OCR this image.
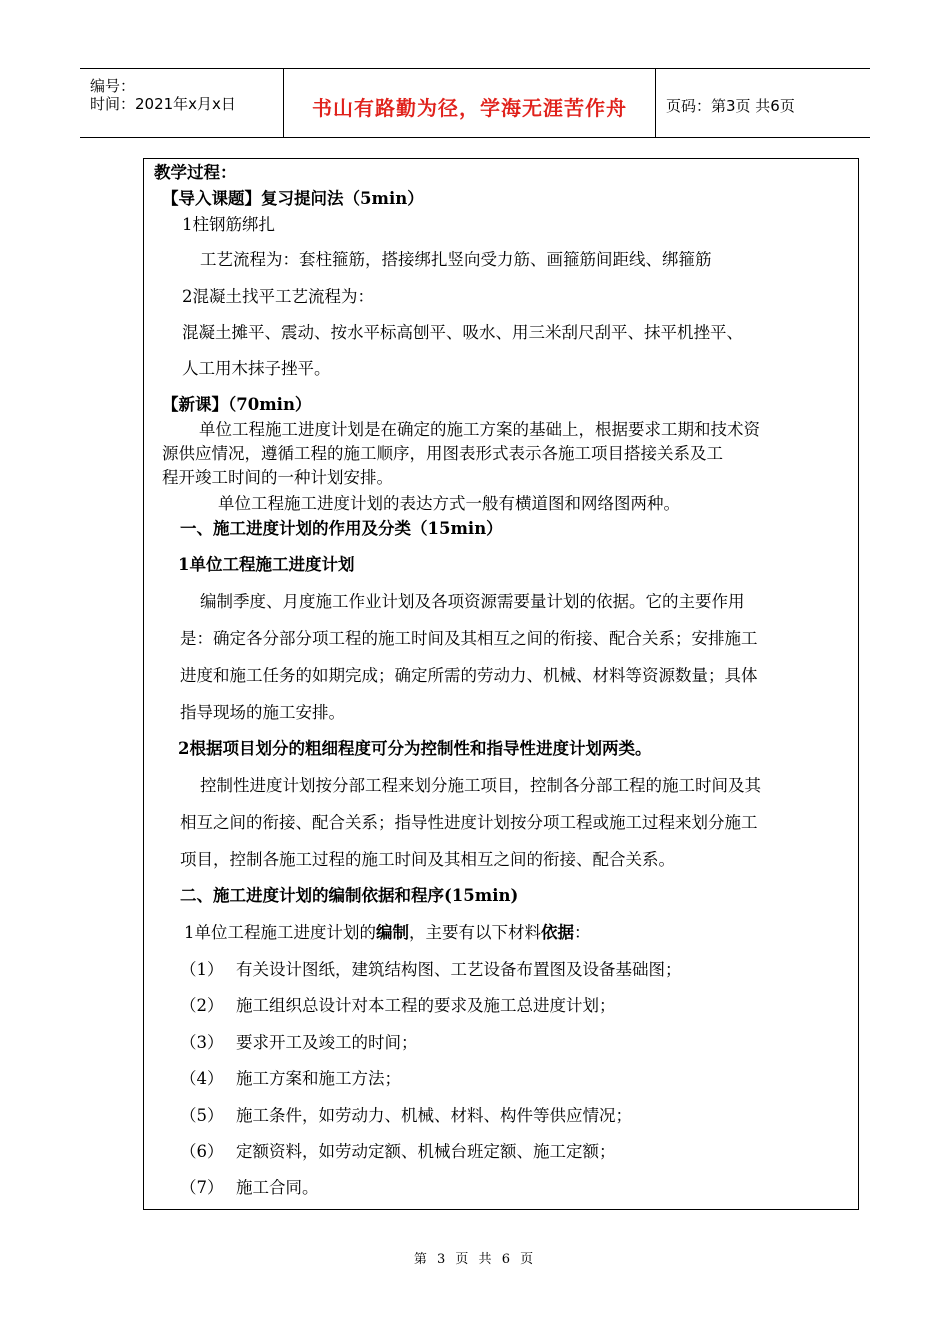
编号：
时间：2021年x月x日	书山有路勤为径，学海无涯苦作舟	页码：第3页 共6页
教学过程：
【导入课题】复习提问法（5min）
1柱钢筋绑扎
工艺流程为：套柱箍筋，搭接绑扎竖向受力筋、画箍筋间距线、绑箍筋
2混凝土找平工艺流程为：
混凝土摊平、震动、按水平标高刨平、吸水、用三米刮尺刮平、抹平机挫平、
人工用木抹子挫平。
【新课】（70min）
单位工程施工进度计划是在确定的施工方案的基础上，根据要求工期和技术资
源供应情况，遵循工程的施工顺序，用图表形式表示各施工项目搭接关系及工
程开竣工时间的一种计划安排。
单位工程施工进度计划的表达方式一般有横道图和网络图两种。
一、施工进度计划的作用及分类（15min）
1单位工程施工进度计划
编制季度、月度施工作业计划及各项资源需要量计划的依据。它的主要作用
是：确定各分部分项工程的施工时间及其相互之间的衔接、配合关系；安排施工
进度和施工任务的如期完成；确定所需的劳动力、机械、材料等资源数量；具体
指导现场的施工安排。
2根据项目划分的粗细程度可分为控制性和指导性进度计划两类。
控制性进度计划按分部工程来划分施工项目，控制各分部工程的施工时间及其
相互之间的衔接、配合关系；指导性进度计划按分项工程或施工过程来划分施工
项目，控制各施工过程的施工时间及其相互之间的衔接、配合关系。
二、施工进度计划的编制依据和程序(15min)
1单位工程施工进度计划的编制，主要有以下材料依据：
（1） 有关设计图纸，建筑结构图、工艺设备布置图及设备基础图；
（2） 施工组织总设计对本工程的要求及施工总进度计划；
（3） 要求开工及竣工的时间；
（4） 施工方案和施工方法；
（5） 施工条件，如劳动力、机械、材料、构件等供应情况；
（6） 定额资料，如劳动定额、机械台班定额、施工定额；
（7） 施工合同。
第 3 页 共 6 页
